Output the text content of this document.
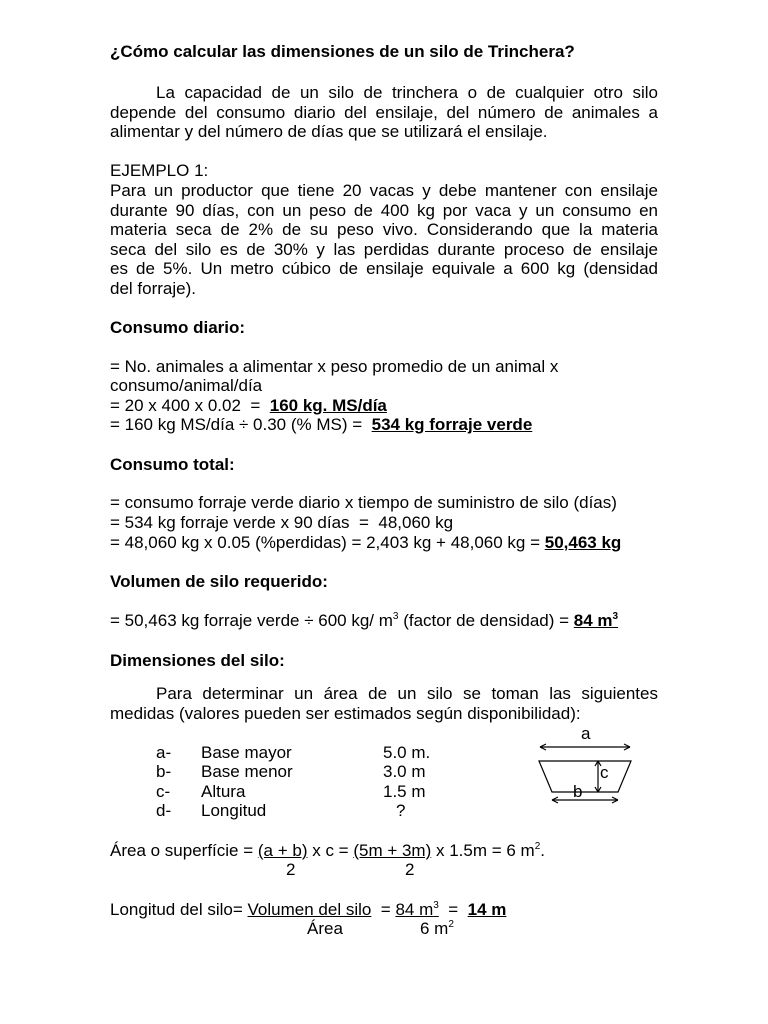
¿Cómo calcular las dimensiones de un silo de Trinchera?
La capacidad de un silo de trinchera o de cualquier otro silo
depende del consumo diario del ensilaje, del número de animales a
alimentar y del número de días que se utilizará el ensilaje.
EJEMPLO 1:
Para un productor que tiene 20 vacas y debe mantener con ensilaje
durante 90 días, con un peso de 400 kg por vaca y un consumo en
materia seca de 2% de su peso vivo. Considerando que la materia
seca del silo es de 30% y las perdidas durante proceso de ensilaje
es de 5%. Un metro cúbico de ensilaje equivale a 600 kg (densidad
del forraje).
Consumo diario:
= No. animales a alimentar x peso promedio de un animal x
consumo/animal/día
= 20 x 400 x 0.02  =  160 kg. MS/día
= 160 kg MS/día ÷ 0.30 (% MS) =  534 kg forraje verde
Consumo total:
= consumo forraje verde diario x tiempo de suministro de silo (días)
= 534 kg forraje verde x 90 días  =  48,060 kg
= 48,060 kg x 0.05 (%perdidas) = 2,403 kg + 48,060 kg = 50,463 kg
Volumen de silo requerido:
= 50,463 kg forraje verde ÷ 600 kg/ $m^3$ (factor de densidad) = 84 $m^3$
Dimensiones del silo:
Para determinar un área de un silo se toman las siguientes
medidas (valores pueden ser estimados según disponibilidad):
a- Base mayor	5.0 m.
b- Base menor	3.0 m
c- Altura	1.5 m
d- Longitud	?
a
c
b
Área o superfície = (a + b) x c = (5m + 3m) x 1.5m = 6 $m^2$.
2	2
Longitud del silo= Volumen del silo  = 84 $m^3 = 14$ m
Área	6 $m^2$
